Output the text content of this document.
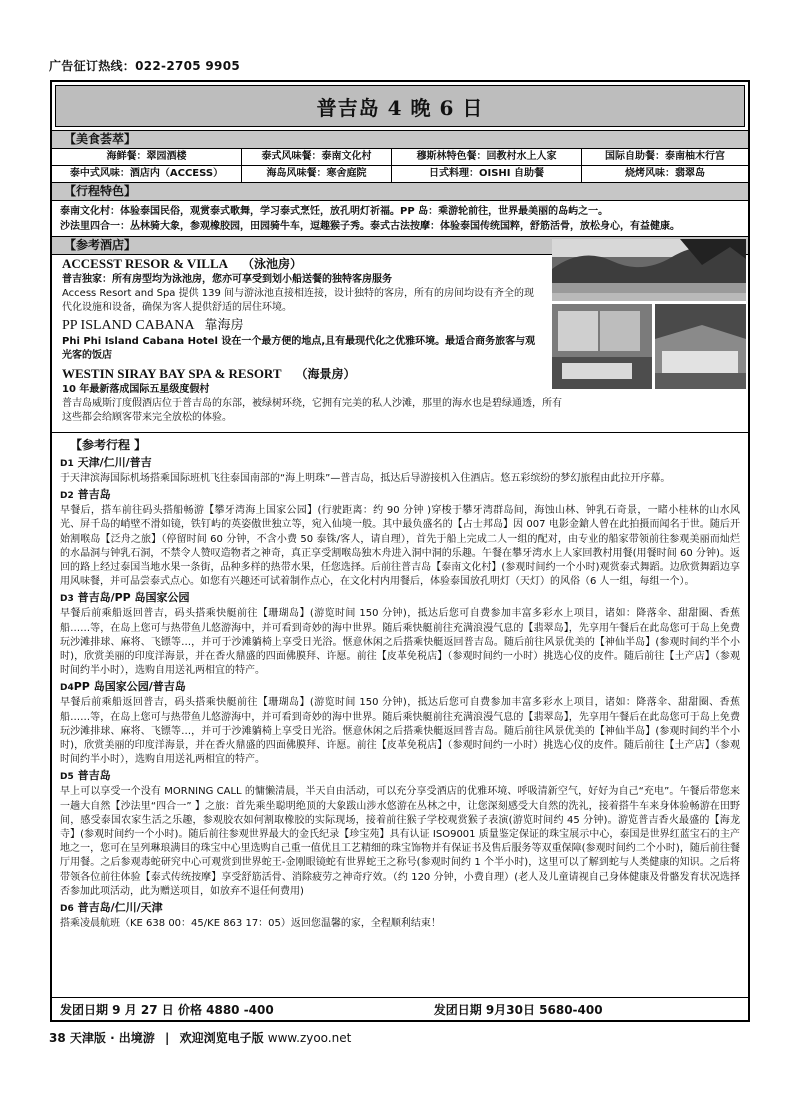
广告征订热线：022-2705 9905
普吉岛 4 晚 6 日
【美食荟萃】
海鲜餐：翠园酒楼	泰式风味餐：泰南文化村	穆斯林特色餐：回教村水上人家	国际自助餐：泰南柚木行宫
泰中式风味：酒店内（ACCESS）	海岛风味餐：寒舍庭院	日式料理：OISHI 自助餐	烧烤风味：翡翠岛
【行程特色】

泰南文化村：体验泰国民俗，观赏泰式歌舞，学习泰式烹饪，放孔明灯祈福。PP 岛：乘游轮前往，世界最美丽的岛屿之一。

沙法里四合一：丛林骑大象，参观橡胶园，田园骑牛车，逗趣猴子秀。泰式古法按摩：体验泰国传统国粹，舒筋活骨，放松身心，有益健康。

【参考酒店】

ACCESST RESOR & VILLA （泳池房）

普吉独家：所有房型均为泳池房，您亦可享受到划小船送餐的独特客房服务

Access Resort and Spa 提供 139 间与游泳池直接相连接，设计独特的客房，所有的房间均设有齐全的现代化设施和设备，确保为客人提供舒适的居住环境。

PP ISLAND CABANA 靠海房

Phi Phi Island Cabana Hotel 设在一个最方便的地点,且有最现代化之优雅环境。最适合商务旅客与观光客的饭店

WESTIN SIRAY BAY SPA & RESORT （海景房）

10 年最新落成国际五星级度假村

普吉岛威斯汀度假酒店位于普吉岛的东部，被绿树环绕，它拥有完美的私人沙滩，那里的海水也是碧绿通透，所有这些都会给顾客带来完全放松的体验。

【参考行程 】
D1 天津/仁川/普吉

于天津滨海国际机场搭乘国际班机飞往泰国南部的“海上明珠”—普吉岛，抵达后导游接机入住酒店。悠五彩缤纷的梦幻旅程由此拉开序幕。

D2 普吉岛

早餐后，搭车前往码头搭船畅游【攀牙湾海上国家公园】(行驶距离：约 90 分钟 )穿梭于攀牙湾群岛间，海蚀山林、钟乳石奇景，一睹小桂林的山水风光、屏千岛的峭壁不滑如镜，铁钉屿的英姿傲世独立等，宛入仙境一般。其中最负盛名的【占士邦岛】因 007 电影金鎗人曾在此拍摄而闻名于世。随后开始割喉岛【泛舟之旅】（停留时间 60 分钟，不含小费 50 泰铢/客人，请自理），首先于船上完成二人一组的配对，由专业的船家带领前往参观美丽而灿烂的水晶洞与钟乳石洞，不禁令人赞叹造物者之神奇，真正享受割喉岛独木舟进入洞中洞的乐趣。午餐在攀牙湾水上人家回教村用餐(用餐时间 60 分钟)。返回的路上经过泰国当地水果一条街，品种多样的热带水果，任您选择。后前往普吉岛【泰南文化村】(参观时间约一个小时)观赏泰式舞蹈。边欣赏舞蹈边享用风味餐，并可品尝泰式点心。如您有兴趣还可试着制作点心，在文化村内用餐后，体验泰国放孔明灯（天灯）的风俗（6 人一组，每组一个）。

D3 普吉岛/PP 岛国家公园

早餐后前乘船返回普吉，码头搭乘快艇前往【珊瑚岛】(游览时间 150 分钟)，抵达后您可自费参加丰富多彩水上项目，诸如：降落伞、甜甜圈、香蕉船……等，在岛上您可与热带鱼儿悠游海中，并可看到奇妙的海中世界。随后乘快艇前往充满浪漫气息的【翡翠岛】，先享用午餐后在此岛您可于岛上免费玩沙滩排球、麻将、飞镖等…，并可于沙滩躺椅上享受日光浴。惬意休闲之后搭乘快艇返回普吉岛。随后前往风景优美的【神仙半岛】(参观时间约半个小时)，欣赏美丽的印度洋海景，并在香火鼎盛的四面佛膜拜、许愿。前往【皮革免税店】（参观时间约一小时）挑选心仪的皮件。随后前往【土产店】（参观时间约半小时），选购自用送礼两相宜的特产。

D4PP 岛国家公园/普吉岛

早餐后前乘船返回普吉，码头搭乘快艇前往【珊瑚岛】(游览时间 150 分钟)，抵达后您可自费参加丰富多彩水上项目，诸如：降落伞、甜甜圈、香蕉船……等，在岛上您可与热带鱼儿悠游海中，并可看到奇妙的海中世界。随后乘快艇前往充满浪漫气息的【翡翠岛】，先享用午餐后在此岛您可于岛上免费玩沙滩排球、麻将、飞镖等…，并可于沙滩躺椅上享受日光浴。惬意休闲之后搭乘快艇返回普吉岛。随后前往风景优美的【神仙半岛】(参观时间约半个小时)，欣赏美丽的印度洋海景，并在香火鼎盛的四面佛膜拜、许愿。前往【皮革免税店】（参观时间约一小时）挑选心仪的皮件。随后前往【土产店】（参观时间约半小时），选购自用送礼两相宜的特产。

D5 普吉岛

早上可以享受一个没有 MORNING CALL 的慵懒清晨，半天自由活动，可以充分享受酒店的优雅环境、呼吸清新空气，好好为自己“充电”。午餐后带您来一趟大自然【沙法里“四合一” 】之旅：首先乘坐聪明绝顶的大象跋山涉水悠游在丛林之中，让您深刻感受大自然的洗礼，接着搭牛车来身体验畅游在田野间，感受泰国农家生活之乐趣，参观胶农如何割取橡胶的实际现场，接着前往猴子学校观赏猴子表演(游览时间约 45 分钟)。游览普吉香火最盛的【海龙寺】(参观时间约一个小时)。随后前往参观世界最大的金氏纪录【珍宝苑】具有认证 ISO9001 质量鉴定保证的珠宝展示中心，泰国是世界红蓝宝石的主产地之一，您可在呈列琳琅满目的珠宝中心里选购自己重一值优且工艺精细的珠宝饰物并有保证书及售后服务等双重保障(参观时间约二个小时)，随后前往餐厅用餐。之后参观毒蛇研究中心可观赏到世界蛇王-金刚眼镜蛇有世界蛇王之称号(参观时间约 1 个半小时)，这里可以了解到蛇与人类健康的知识。之后将带领各位前往体验【泰式传统按摩】享受舒筋活骨、消除疲劳之神奇疗效。（约 120 分钟，小费自理）(老人及儿童请视自己身体健康及骨骼发育状况选择否参加此项活动，此为赠送项目，如放弃不退任何费用)

D6 普吉岛/仁川/天津

搭乘凌晨航班（KE 638 00：45/KE 863 17：05）返回您温馨的家，全程顺利结束！

发团日期 9 月 27 日 价格 4880 -400	发团日期 9月30日 5680-400
38 天津版 · 出境游 | 欢迎浏览电子版 www.zyoo.net
